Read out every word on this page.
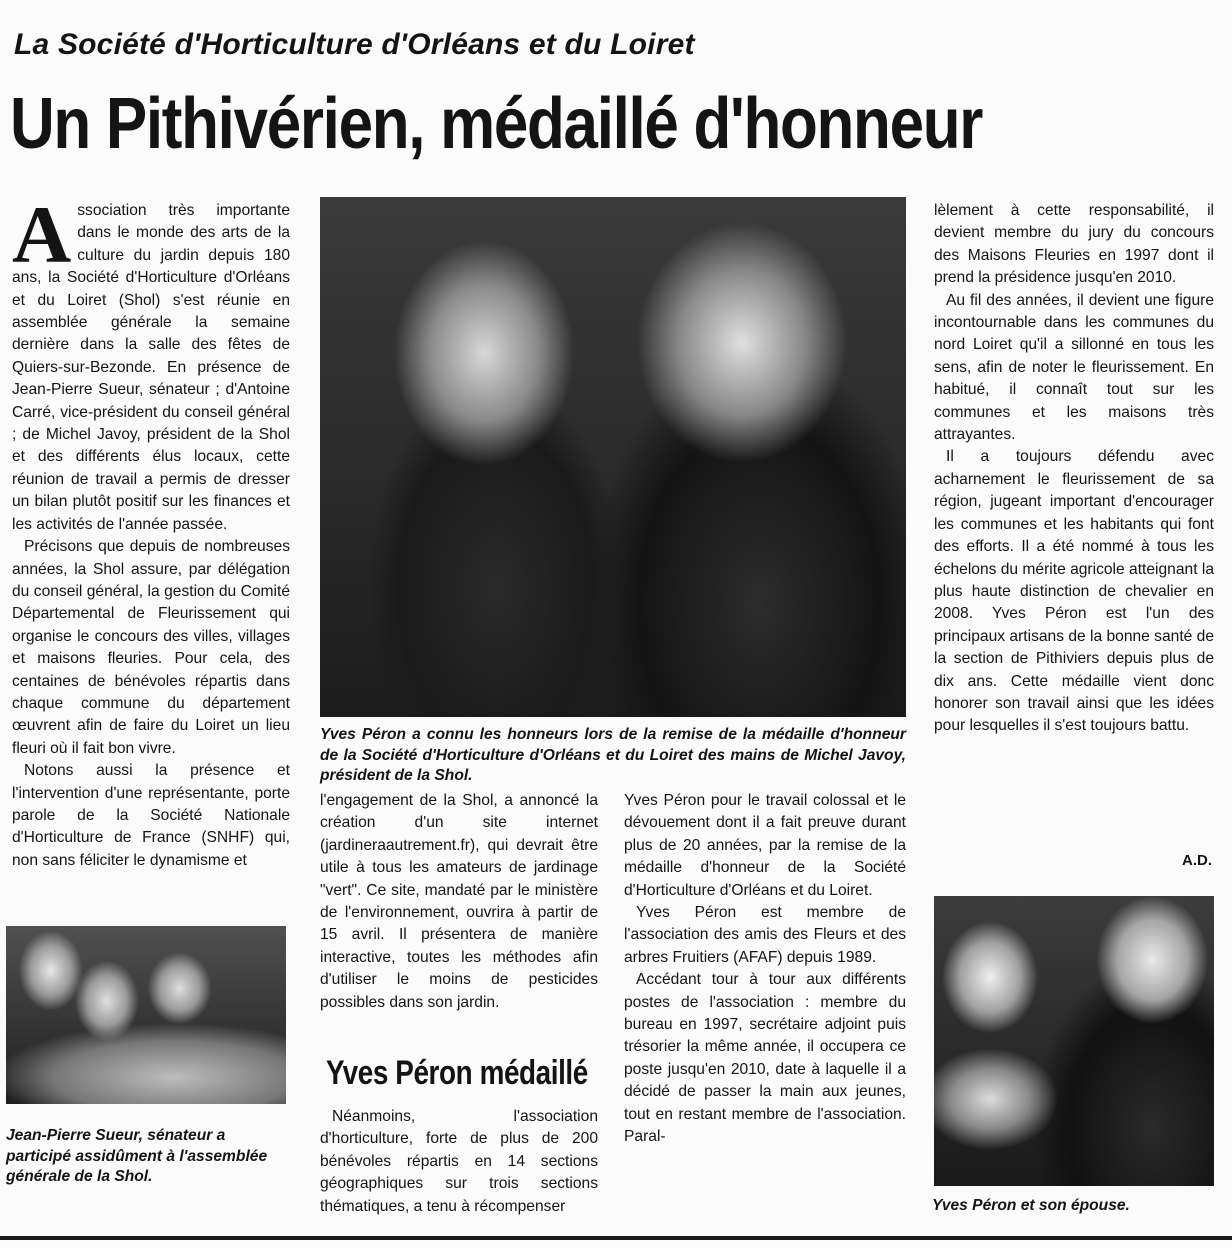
La Société d'Horticulture d'Orléans et du Loiret
Un Pithivérien, médaillé d'honneur

Association très importante dans le monde des arts de la culture du jardin depuis 180 ans, la Société d'Horticulture d'Orléans et du Loiret (Shol) s'est réunie en assemblée générale la semaine dernière dans la salle des fêtes de Quiers-sur-Bezonde. En présence de Jean-Pierre Sueur, sénateur ; d'Antoine Carré, vice-président du conseil général ; de Michel Javoy, président de la Shol et des différents élus locaux, cette réunion de travail a permis de dresser un bilan plutôt positif sur les finances et les activités de l'année passée.

Précisons que depuis de nombreuses années, la Shol assure, par délégation du conseil général, la gestion du Comité Départemental de Fleurissement qui organise le concours des villes, villages et maisons fleuries. Pour cela, des centaines de bénévoles répartis dans chaque commune du département œuvrent afin de faire du Loiret un lieu fleuri où il fait bon vivre.

Notons aussi la présence et l'intervention d'une représentante, porte parole de la Société Nationale d'Horticulture de France (SNHF) qui, non sans féliciter le dynamisme et

Jean-Pierre Sueur, sénateur a participé assidûment à l'assemblée générale de la Shol.
Yves Péron a connu les honneurs lors de la remise de la médaille d'honneur de la Société d'Horticulture d'Orléans et du Loiret des mains de Michel Javoy, président de la Shol.

l'engagement de la Shol, a annoncé la création d'un site internet (jardineraautrement.fr), qui devrait être utile à tous les amateurs de jardinage "vert". Ce site, mandaté par le ministère de l'environnement, ouvrira à partir de 15 avril. Il présentera de manière interactive, toutes les méthodes afin d'utiliser le moins de pesticides possibles dans son jardin.

Yves Péron médaillé

Néanmoins, l'association d'horticulture, forte de plus de 200 bénévoles répartis en 14 sections géographiques sur trois sections thématiques, a tenu à récompenser

Yves Péron pour le travail colossal et le dévouement dont il a fait preuve durant plus de 20 années, par la remise de la médaille d'honneur de la Société d'Horticulture d'Orléans et du Loiret.

Yves Péron est membre de l'association des amis des Fleurs et des arbres Fruitiers (AFAF) depuis 1989.

Accédant tour à tour aux différents postes de l'association : membre du bureau en 1997, secrétaire adjoint puis trésorier la même année, il occupera ce poste jusqu'en 2010, date à laquelle il a décidé de passer la main aux jeunes, tout en restant membre de l'association. Paral-

lèlement à cette responsabilité, il devient membre du jury du concours des Maisons Fleuries en 1997 dont il prend la présidence jusqu'en 2010.

Au fil des années, il devient une figure incontournable dans les communes du nord Loiret qu'il a sillonné en tous les sens, afin de noter le fleurissement. En habitué, il connaît tout sur les communes et les maisons très attrayantes.

Il a toujours défendu avec acharnement le fleurissement de sa région, jugeant important d'encourager les communes et les habitants qui font des efforts. Il a été nommé à tous les échelons du mérite agricole atteignant la plus haute distinction de chevalier en 2008. Yves Péron est l'un des principaux artisans de la bonne santé de la section de Pithiviers depuis plus de dix ans. Cette médaille vient donc honorer son travail ainsi que les idées pour lesquelles il s'est toujours battu.

A.D.
Yves Péron et son épouse.
